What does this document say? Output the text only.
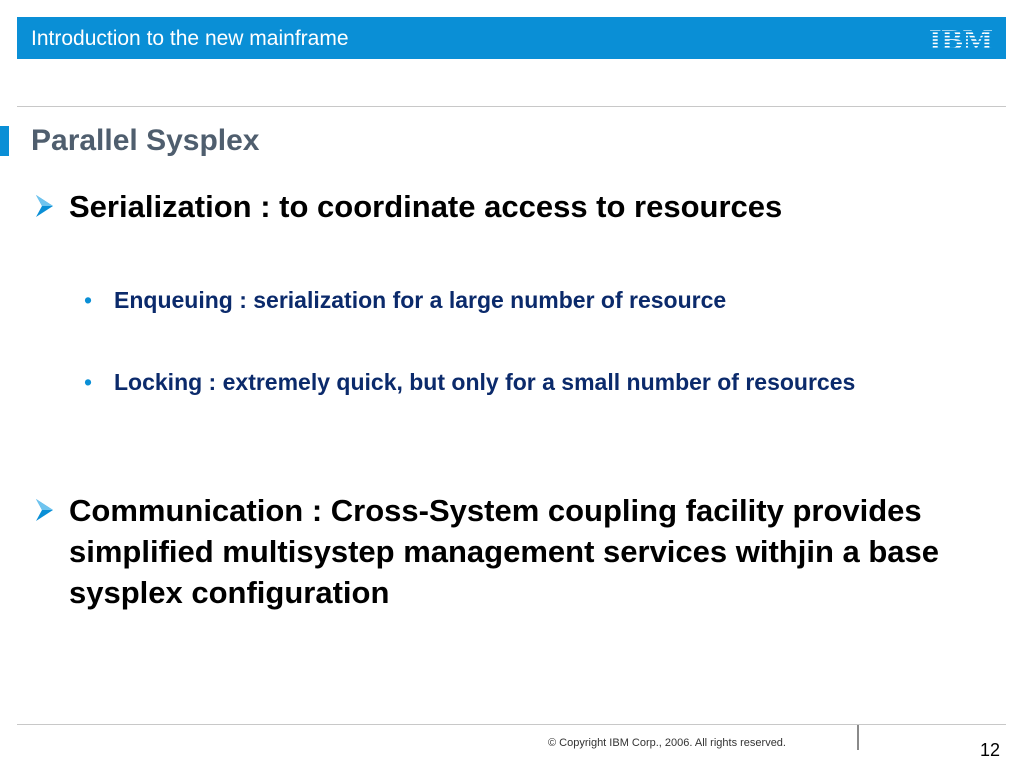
Introduction to the new mainframe
Parallel Sysplex
Serialization : to coordinate access to resources
• Enqueuing : serialization for a large number of resource
• Locking : extremely quick, but only for a small number of resources
Communication : Cross-System coupling facility provides simplified multisystep management services withjin a base sysplex configuration
© Copyright IBM Corp., 2006. All rights reserved.	12
